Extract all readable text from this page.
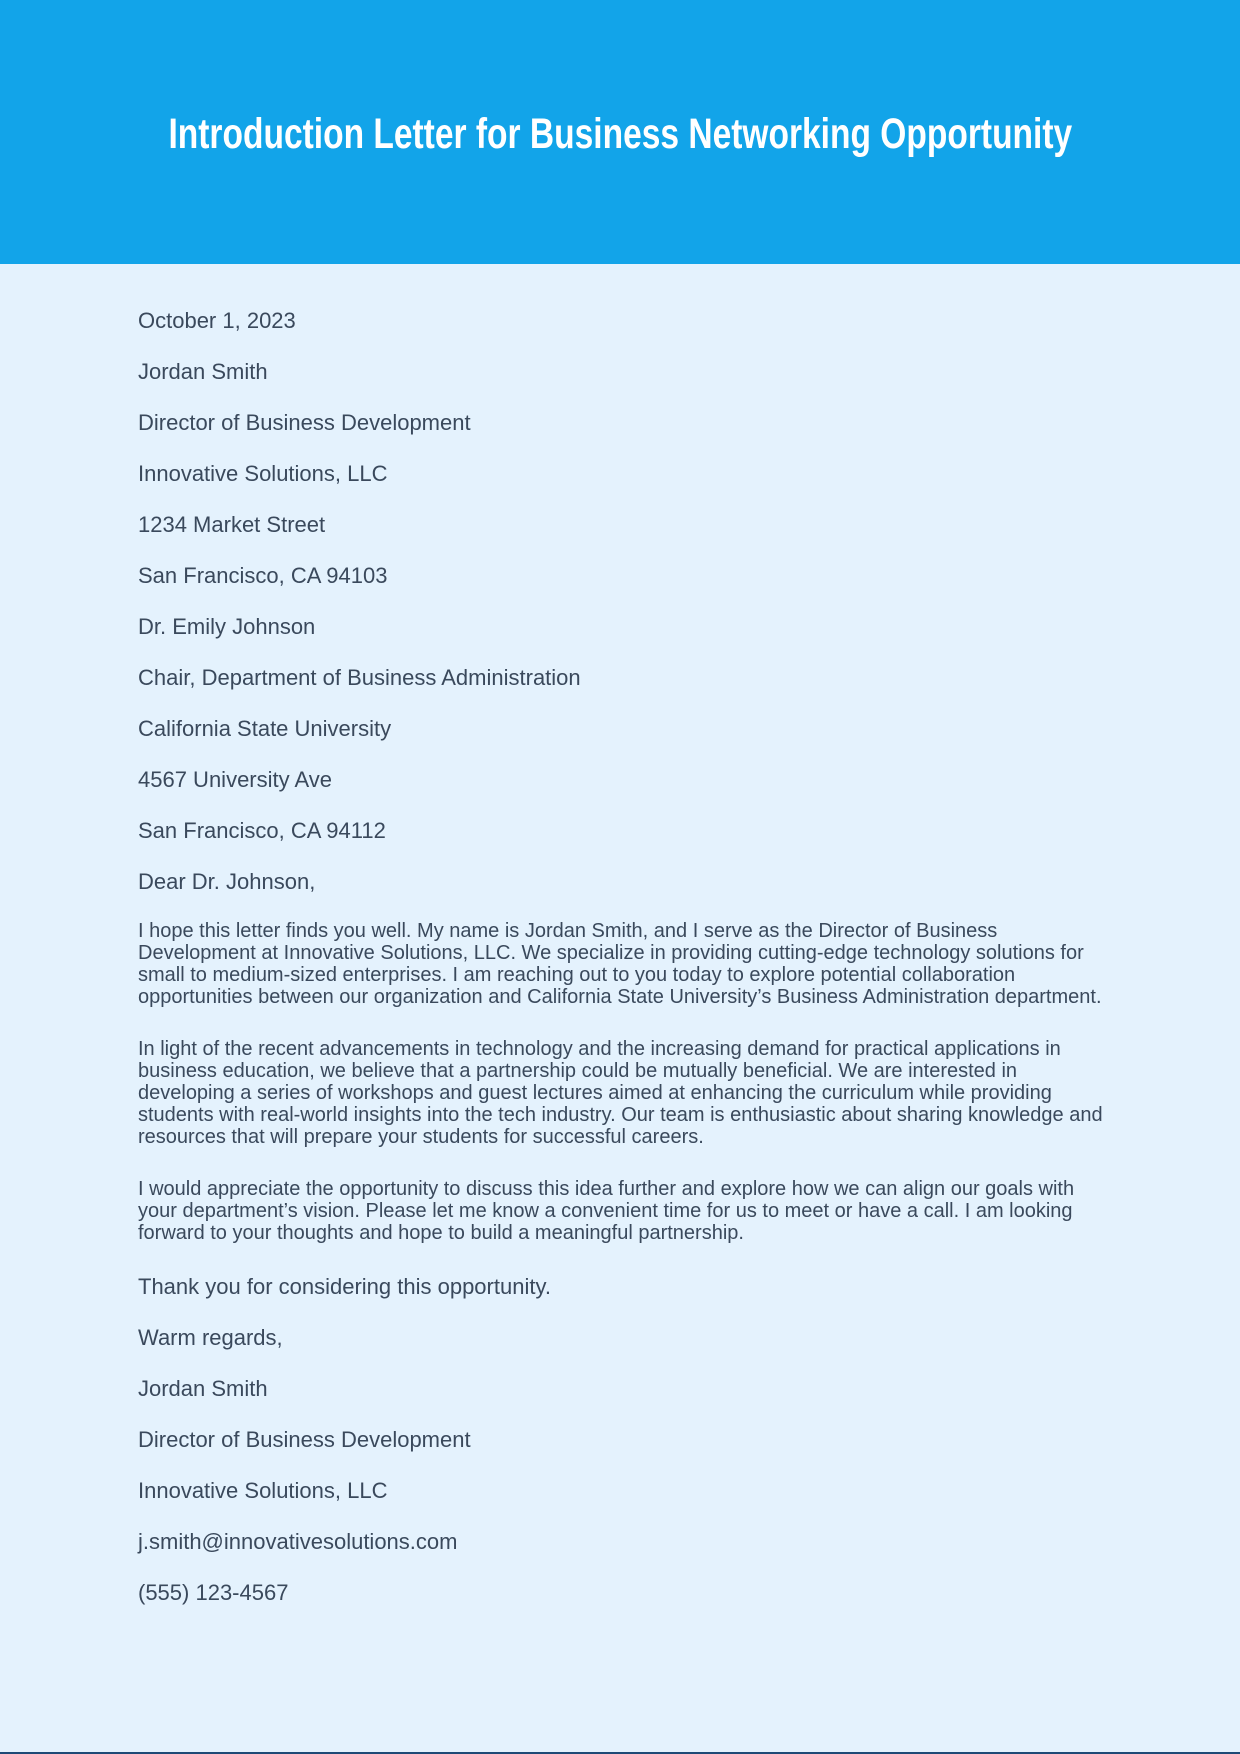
Introduction Letter for Business Networking Opportunity

October 1, 2023

Jordan Smith

Director of Business Development

Innovative Solutions, LLC

1234 Market Street

San Francisco, CA 94103

Dr. Emily Johnson

Chair, Department of Business Administration

California State University

4567 University Ave

San Francisco, CA 94112

Dear Dr. Johnson,

I hope this letter finds you well. My name is Jordan Smith, and I serve as the Director of Business Development at Innovative Solutions, LLC. We specialize in providing cutting-edge technology solutions for small to medium-sized enterprises. I am reaching out to you today to explore potential collaboration opportunities between our organization and California State University’s Business Administration department.

In light of the recent advancements in technology and the increasing demand for practical applications in business education, we believe that a partnership could be mutually beneficial. We are interested in developing a series of workshops and guest lectures aimed at enhancing the curriculum while providing students with real-world insights into the tech industry. Our team is enthusiastic about sharing knowledge and resources that will prepare your students for successful careers.

I would appreciate the opportunity to discuss this idea further and explore how we can align our goals with your department’s vision. Please let me know a convenient time for us to meet or have a call. I am looking forward to your thoughts and hope to build a meaningful partnership.

Thank you for considering this opportunity.

Warm regards,

Jordan Smith

Director of Business Development

Innovative Solutions, LLC

j.smith@innovativesolutions.com

(555) 123-4567
